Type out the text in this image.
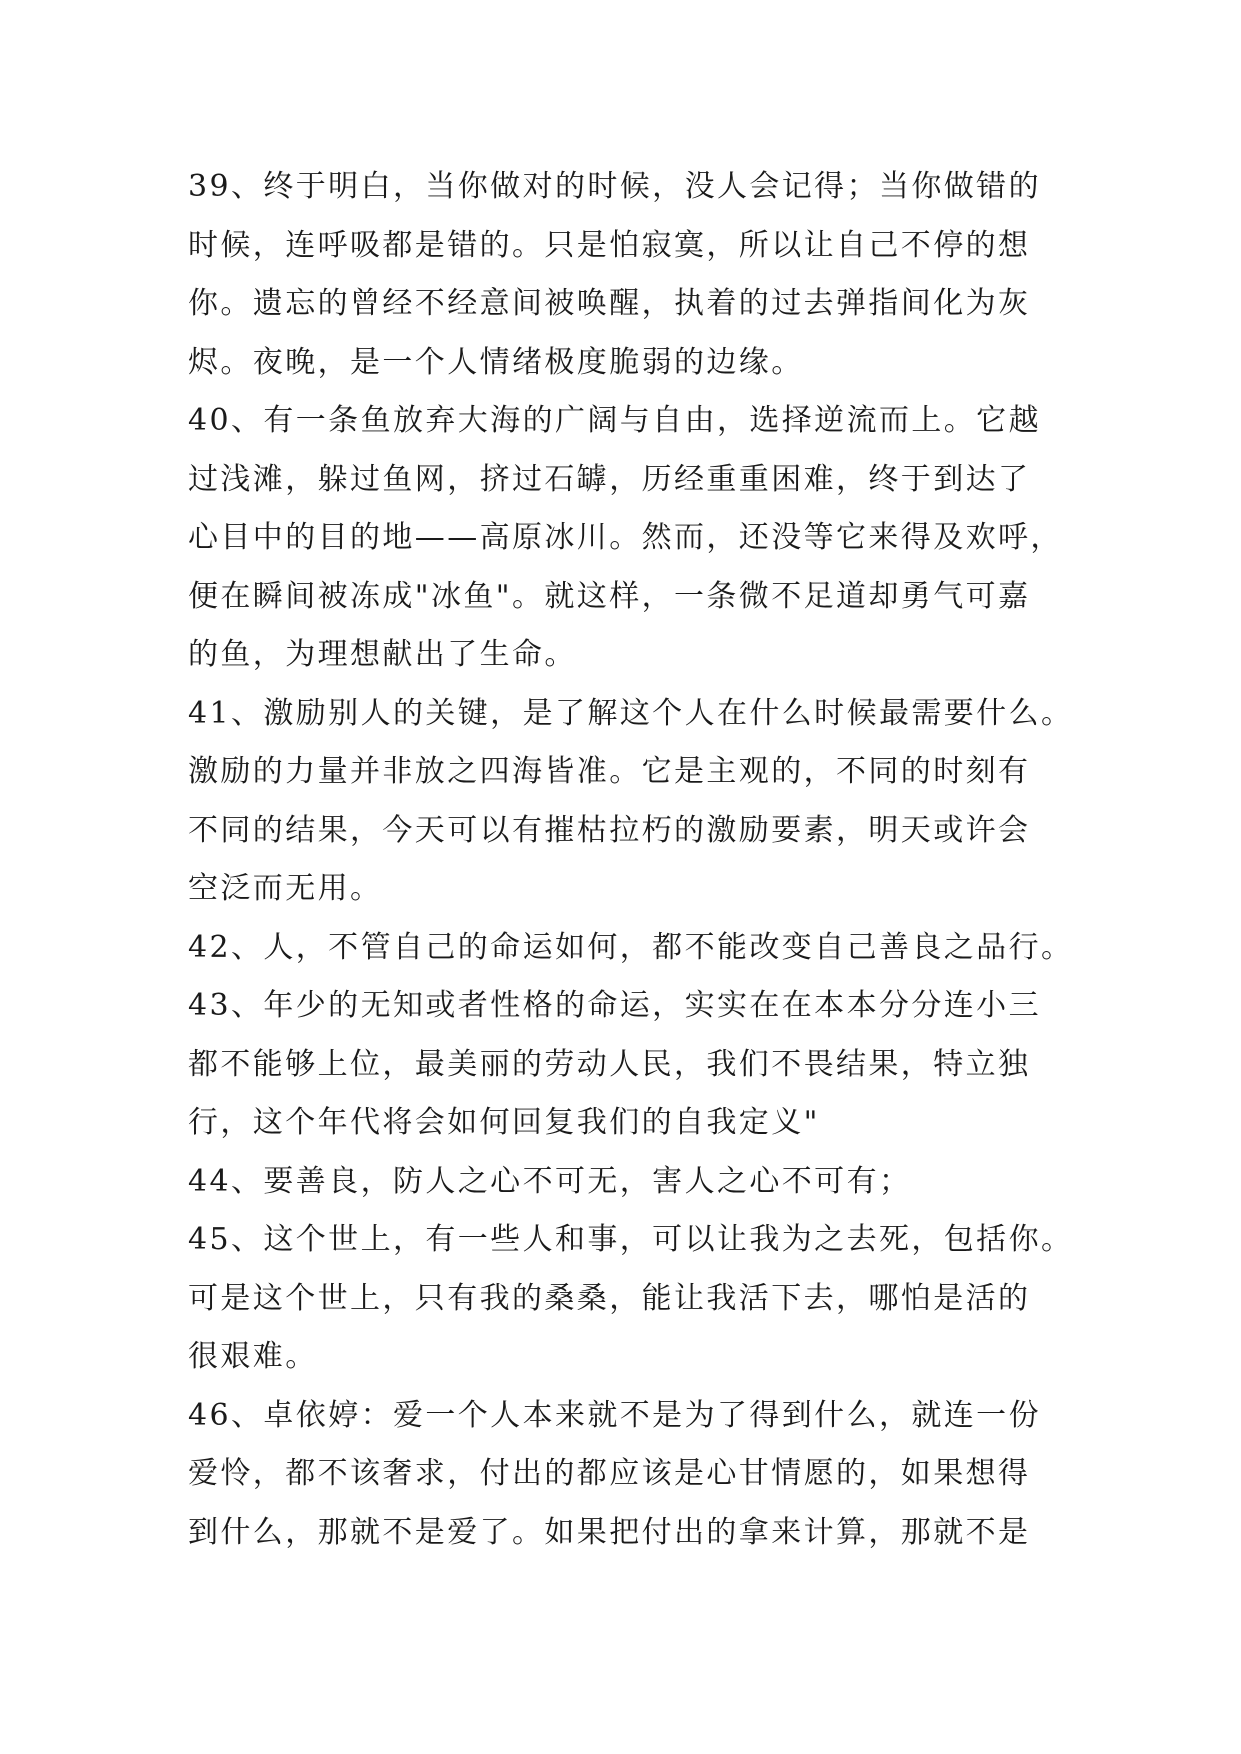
39、终于明白，当你做对的时候，没人会记得；当你做错的
时候，连呼吸都是错的。只是怕寂寞，所以让自己不停的想
你。遗忘的曾经不经意间被唤醒，执着的过去弹指间化为灰
烬。夜晚，是一个人情绪极度脆弱的边缘。
40、有一条鱼放弃大海的广阔与自由，选择逆流而上。它越
过浅滩，躲过鱼网，挤过石罅，历经重重困难，终于到达了
心目中的目的地——高原冰川。然而，还没等它来得及欢呼，
便在瞬间被冻成"冰鱼"。就这样，一条微不足道却勇气可嘉
的鱼，为理想献出了生命。
41、激励别人的关键，是了解这个人在什么时候最需要什么。
激励的力量并非放之四海皆准。它是主观的，不同的时刻有
不同的结果，今天可以有摧枯拉朽的激励要素，明天或许会
空泛而无用。
42、人，不管自己的命运如何，都不能改变自己善良之品行。
43、年少的无知或者性格的命运，实实在在本本分分连小三
都不能够上位，最美丽的劳动人民，我们不畏结果，特立独
行，这个年代将会如何回复我们的自我定义"
44、要善良，防人之心不可无，害人之心不可有；
45、这个世上，有一些人和事，可以让我为之去死，包括你。
可是这个世上，只有我的桑桑，能让我活下去，哪怕是活的
很艰难。
46、卓依婷：爱一个人本来就不是为了得到什么，就连一份
爱怜，都不该奢求，付出的都应该是心甘情愿的，如果想得
到什么，那就不是爱了。如果把付出的拿来计算，那就不是
